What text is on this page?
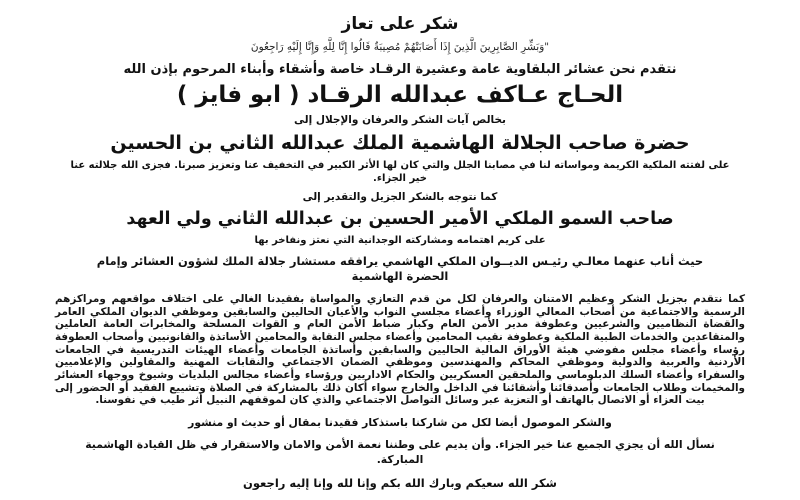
شكر على تعاز
"وَبَشِّرِ الصَّابِرِينَ الَّذِينَ إِذَا أَصَابَتْهُمْ مُصِيبَةٌ قَالُوا إِنَّا لِلَّهِ وَإِنَّا إِلَيْهِ رَاجِعُونَ
نتقدم نحن عشائر البلقاوية عامة وعشيرة الرقـاد خاصة وأشقاء وأبناء المرحوم بإذن الله
الحـاج عـاكف عبدالله الرقـاد ( ابو فايز )
بخالص آيات الشكر والعرفان والإجلال إلى
حضرة صاحب الجلالة الهاشمية الملك عبدالله الثاني بن الحسين
على لفتته الملكية الكريمة ومواساته لنا في مصابنا الجلل والتي كان لها الأثر الكبير في التخفيف عنا وتعزيز صبرنا. فجزى الله جلالته عنا خير الجزاء.
كما نتوجه بالشكر الجزيل والتقدير إلى
صاحب السمو الملكي الأمير الحسين بن عبدالله الثاني ولي العهد
على كريم اهتمامه ومشاركته الوجدانية التي نعتز ونفاخر بها
حيث أناب عنهما معالـي رئيـس الديــوان الملكي الهاشمي يرافقه مستشار جلالة الملك لشؤون العشائر وإمام الحضرة الهاشمية
كما نتقدم بجزيل الشكر وعظيم الامتنان والعرفان لكل من قدم التعازي والمواساة بفقيدنا الغالي على اختلاف مواقعهم ومراكزهم الرسمية والاجتماعية من أصحاب المعالي الوزراء وأعضاء مجلسي النواب والأعيان الحاليين والسابقين وموظفي الديوان الملكي العامر والقضاة النظاميين والشرعيين وعطوفة مدير الأمن العام وكبار ضباط الأمن العام و القوات المسلحة والمخابرات العامة العاملين والمتقاعدين والخدمات الطبية الملكية وعطوفة نقيب المحامين وأعضاء مجلس النقابة والمحامين الأساتذة والقانونيين وأصحاب العطوفة رؤساء وأعضاء مجلس مفوضي هيئة الأوراق المالية الحاليين والسابقين وأساتذة الجامعات وأعضاء الهيئات التدريسية في الجامعات الأردنية والعربية والدولية وموظفي المحاكم والمهندسين وموظفي الضمان الاجتماعي والنقابات المهنية والمقاولين والإعلاميين والسفراء وأعضاء السلك الدبلوماسي والملحقين العسكريين والحكام الاداريين ورؤساء وأعضاء مجالس البلديات وشيوخ ووجهاء العشائر والمخيمات وطلاب الجامعات وأصدقائنا وأشقائنا في الداخل والخارج سواء أكان ذلك بالمشاركة في الصلاة وتشييع الفقيد أو الحضور إلى بيت العزاء أو الاتصال بالهاتف أو التعزية عبر وسائل التواصل الاجتماعي والذي كان لموقفهم النبيل أثر طيب في نفوسنا.
والشكر الموصول أيضا لكل من شاركنا باستذكار فقيدنا بمقال أو حديث او منشور
نسأل الله أن يجزي الجميع عنا خير الجزاء. وأن يديم على وطننا نعمة الأمن والامان والاستقرار في ظل القيادة الهاشمية المباركة.
شكر الله سعيكم وبارك الله بكم وإنا لله وإنا إليه راجعون
